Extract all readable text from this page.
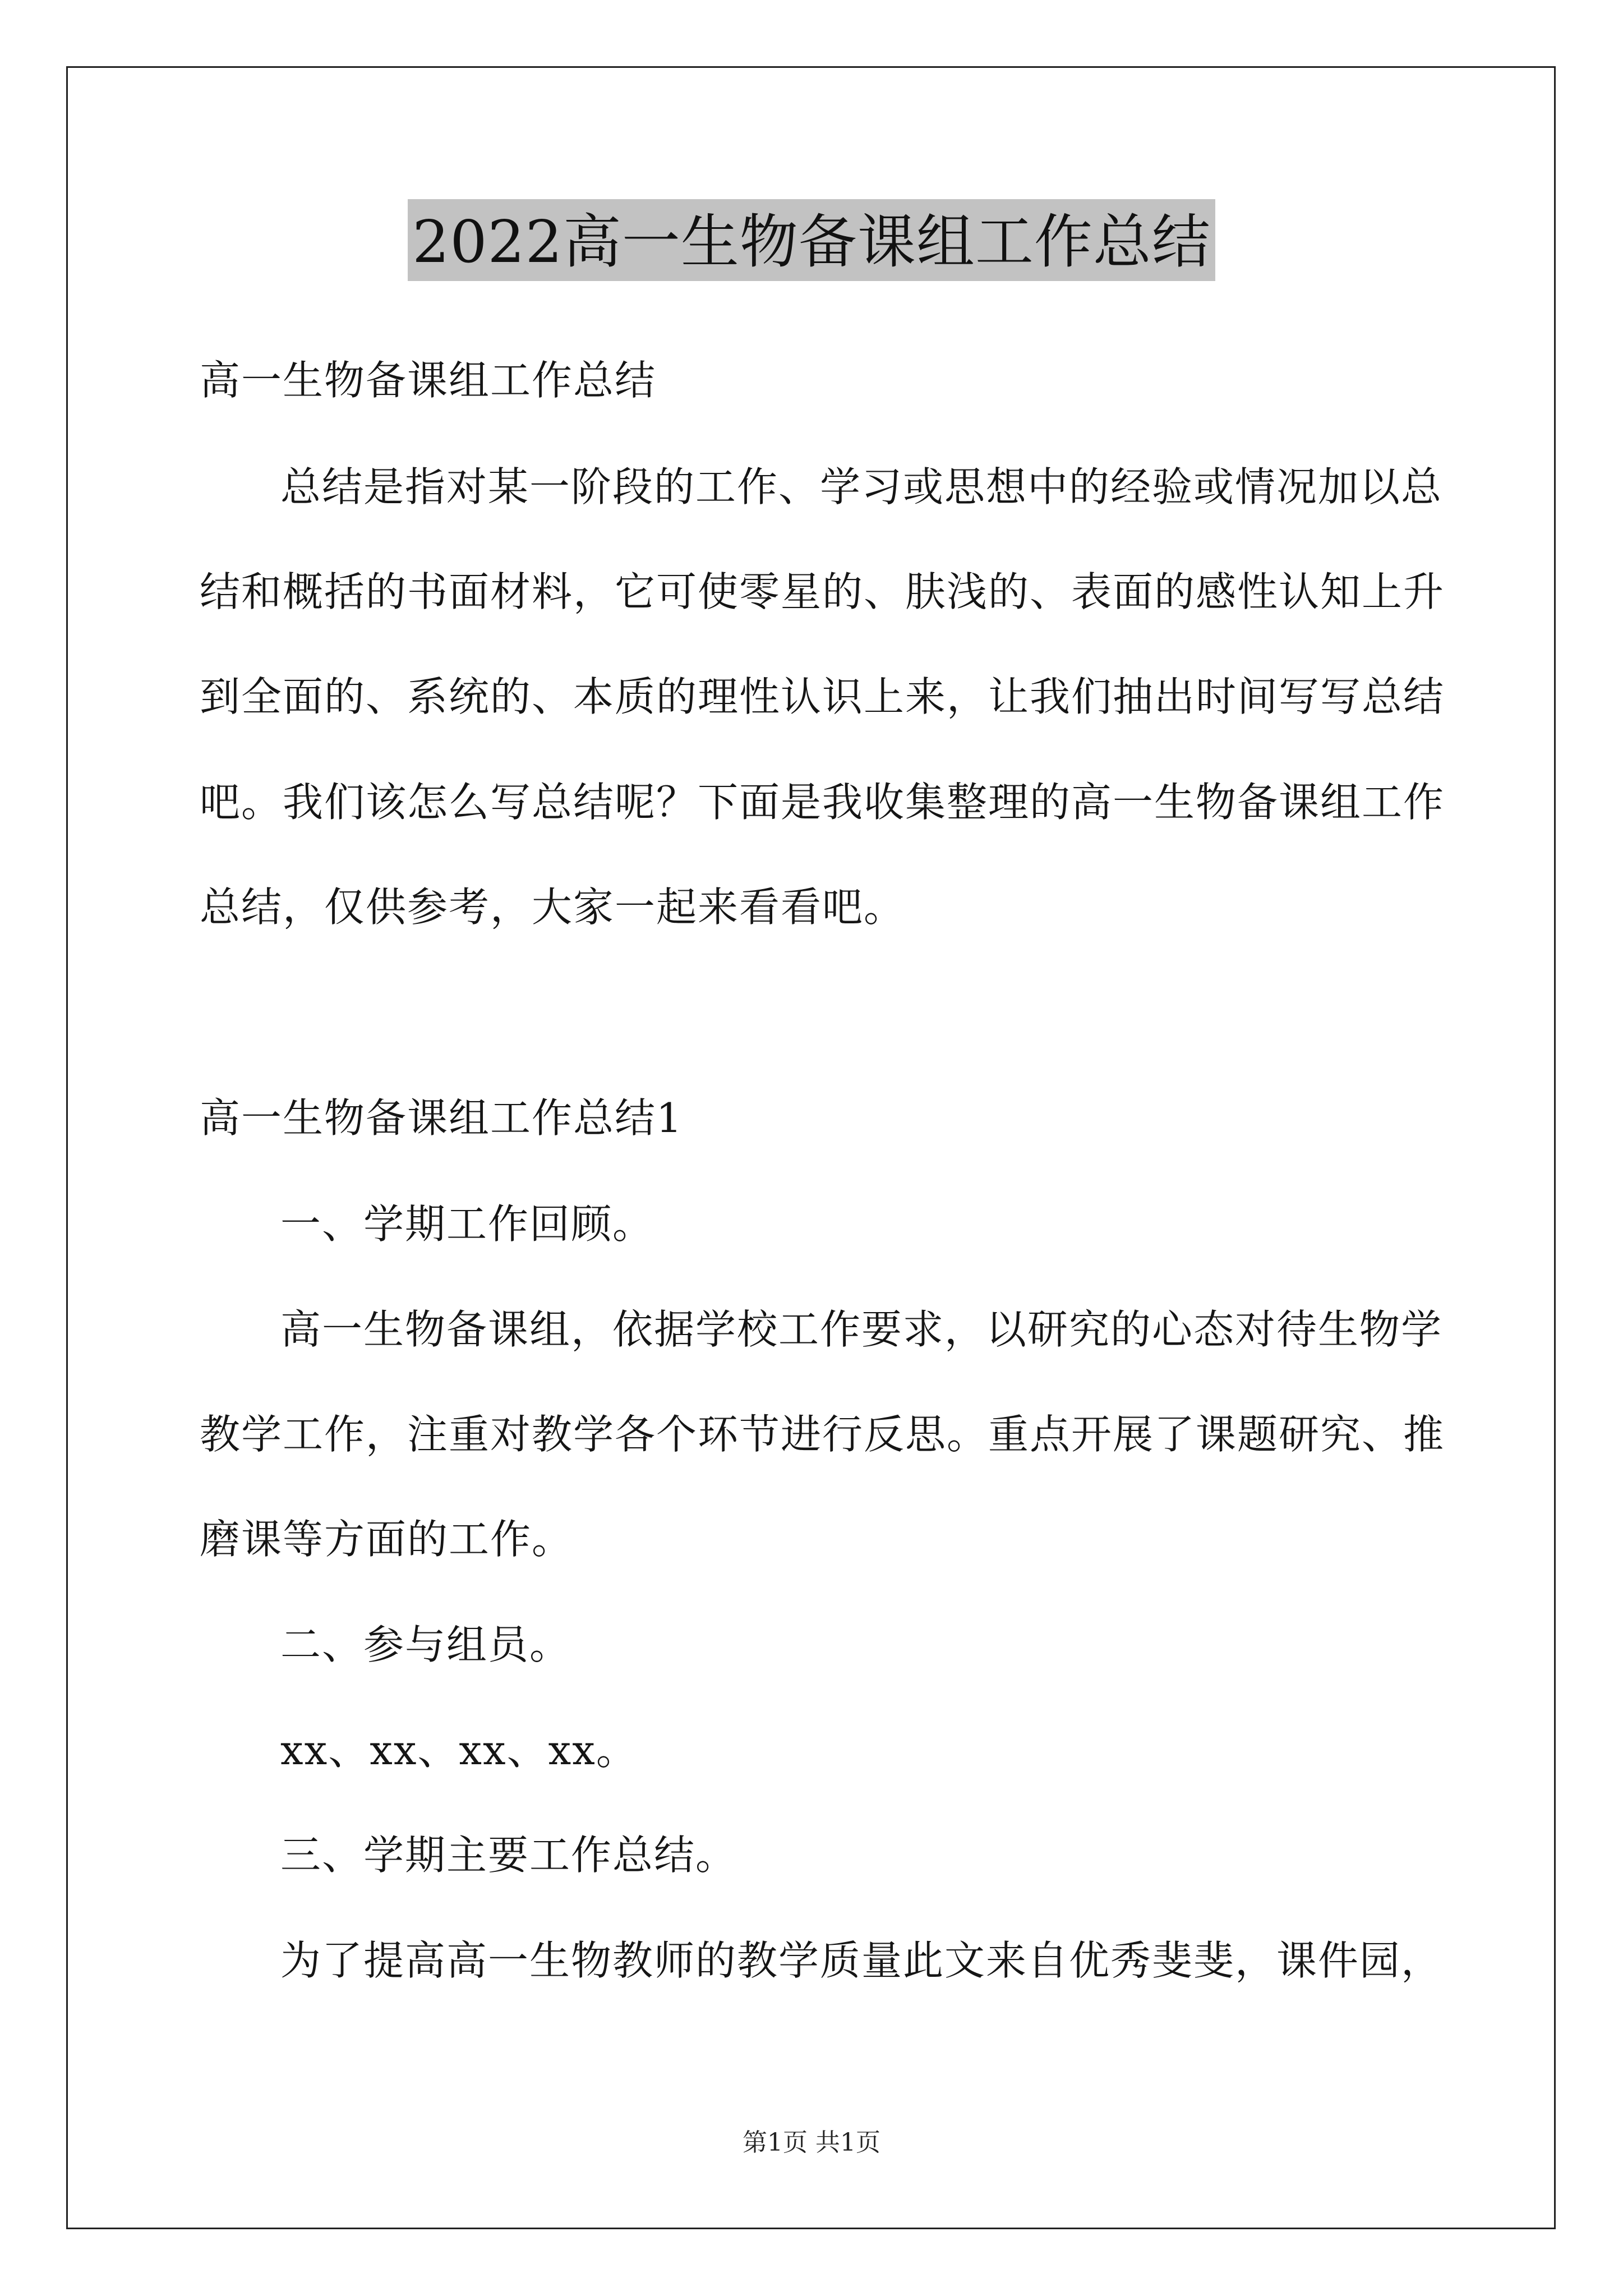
2022高一生物备课组工作总结
高一生物备课组工作总结
总结是指对某一阶段的工作、学习或思想中的经验或情况加以总
结和概括的书面材料，它可使零星的、肤浅的、表面的感性认知上升
到全面的、系统的、本质的理性认识上来，让我们抽出时间写写总结
吧。我们该怎么写总结呢？下面是我收集整理的高一生物备课组工作
总结，仅供参考，大家一起来看看吧。
高一生物备课组工作总结1
一、学期工作回顾。
高一生物备课组，依据学校工作要求，以研究的心态对待生物学
教学工作，注重对教学各个环节进行反思。重点开展了课题研究、推
磨课等方面的工作。
二、参与组员。
xx、xx、xx、xx。
三、学期主要工作总结。
为了提高高一生物教师的教学质量此文来自优秀斐斐，课件园，
第1页 共1页
